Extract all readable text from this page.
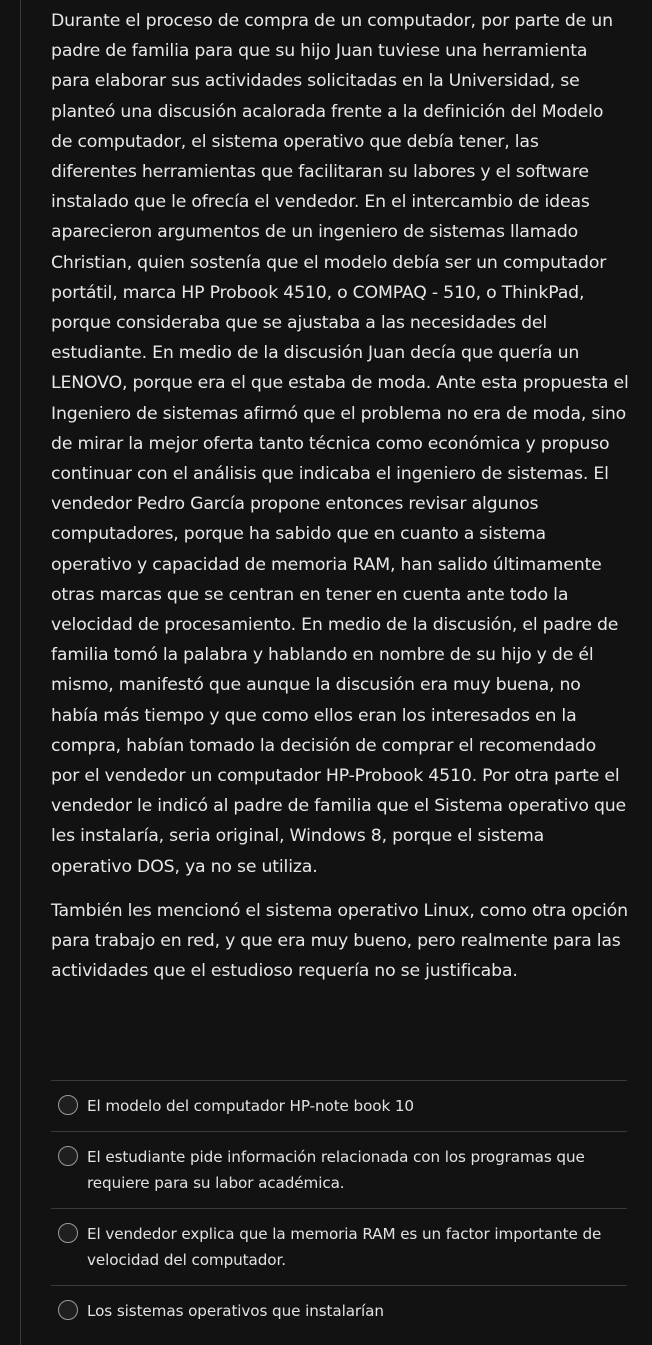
Durante el proceso de compra de un computador, por parte de un padre de familia para que su hijo Juan tuviese una herramienta para elaborar sus actividades solicitadas en la Universidad, se planteó una discusión acalorada frente a la definición del Modelo de computador, el sistema operativo que debía tener, las diferentes herramientas que facilitaran su labores y el software instalado que le ofrecía el vendedor. En el intercambio de ideas aparecieron argumentos de un ingeniero de sistemas llamado Christian, quien sostenía que el modelo debía ser un computador portátil, marca HP Probook 4510, o COMPAQ - 510, o ThinkPad, porque consideraba que se ajustaba a las necesidades del estudiante. En medio de la discusión Juan decía que quería un LENOVO, porque era el que estaba de moda. Ante esta propuesta el Ingeniero de sistemas afirmó que el problema no era de moda, sino de mirar la mejor oferta tanto técnica como económica y propuso continuar con el análisis que indicaba el ingeniero de sistemas. El vendedor Pedro García propone entonces revisar algunos computadores, porque ha sabido que en cuanto a sistema operativo y capacidad de memoria RAM, han salido últimamente otras marcas que se centran en tener en cuenta ante todo la velocidad de procesamiento. En medio de la discusión, el padre de familia tomó la palabra y hablando en nombre de su hijo y de él mismo, manifestó que aunque la discusión era muy buena, no había más tiempo y que como ellos eran los interesados en la compra, habían tomado la decisión de comprar el recomendado por el vendedor un computador HP-Probook 4510. Por otra parte el vendedor le indicó al padre de familia que el Sistema operativo que les instalaría, seria original, Windows 8, porque el sistema operativo DOS, ya no se utiliza.

También les mencionó el sistema operativo Linux, como otra opción para trabajo en red, y que era muy bueno, pero realmente para las actividades que el estudioso requería no se justificaba.

El modelo del computador HP-note book 10
El estudiante pide información relacionada con los programas que requiere para su labor académica.
El vendedor explica que la memoria RAM es un factor importante de velocidad del computador.
Los sistemas operativos que instalarían
